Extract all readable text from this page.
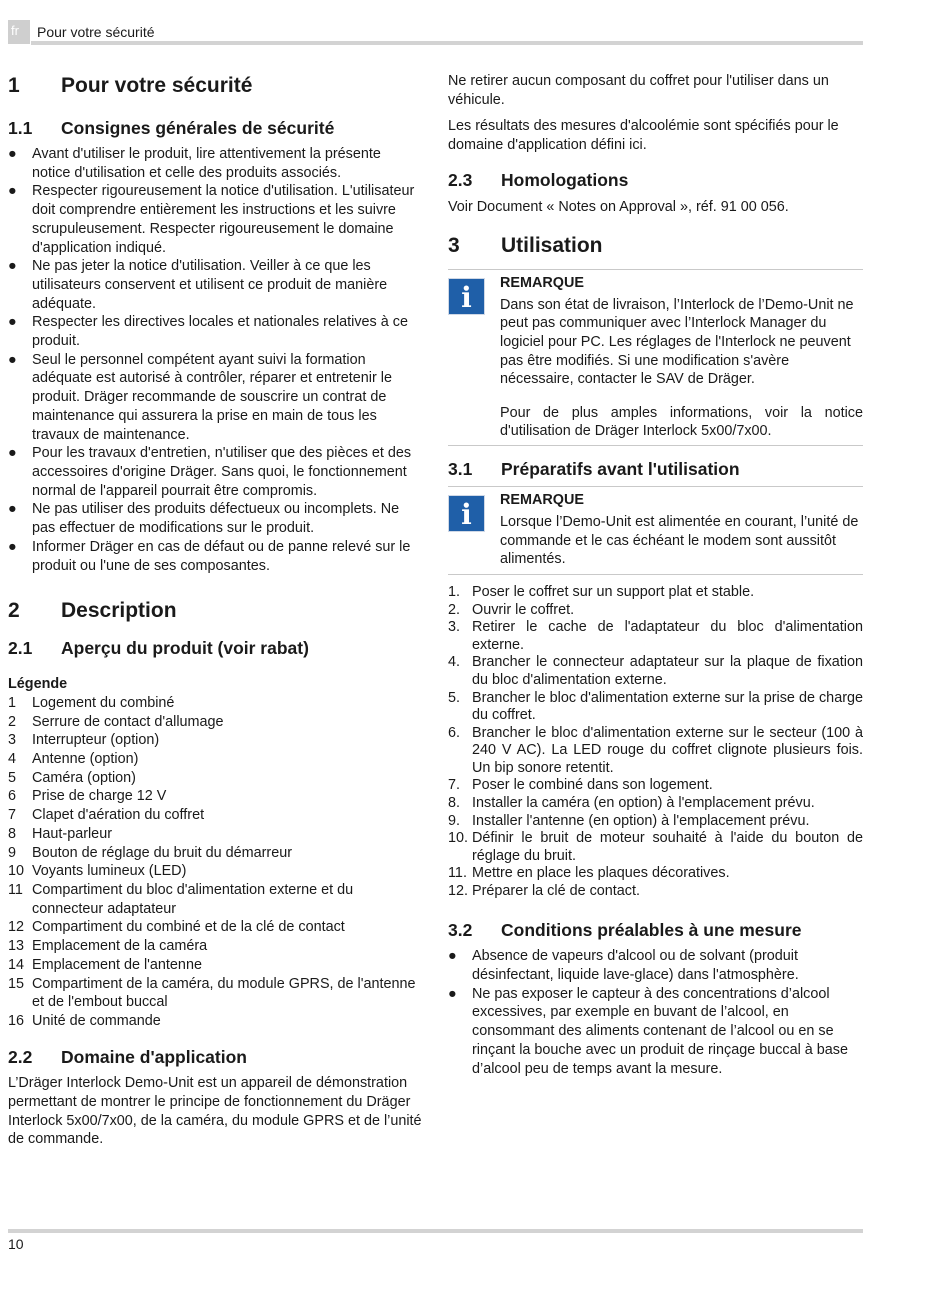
fr	Pour votre sécurité
1	Pour votre sécurité
1.1	Consignes générales de sécurité
●	Avant d'utiliser le produit, lire attentivement la présente notice d'utilisation et celle des produits associés.
●	Respecter rigoureusement la notice d'utilisation. L'utilisateur doit comprendre entièrement les instructions et les suivre scrupuleusement. Respecter rigoureusement le domaine d'application indiqué.
●	Ne pas jeter la notice d'utilisation. Veiller à ce que les utilisateurs conservent et utilisent ce produit de manière adéquate.
●	Respecter les directives locales et nationales relatives à ce produit.
●	Seul le personnel compétent ayant suivi la formation adéquate est autorisé à contrôler, réparer et entretenir le produit. Dräger recommande de souscrire un contrat de maintenance qui assurera la prise en main de tous les travaux de maintenance.
●	Pour les travaux d'entretien, n'utiliser que des pièces et des accessoires d'origine Dräger. Sans quoi, le fonctionnement normal de l'appareil pourrait être compromis.
●	Ne pas utiliser des produits défectueux ou incomplets. Ne pas effectuer de modifications sur le produit.
●	Informer Dräger en cas de défaut ou de panne relevé sur le produit ou l'une de ses composantes.
2	Description
2.1	Aperçu du produit (voir rabat)
Légende
1	Logement du combiné
2	Serrure de contact d'allumage
3	Interrupteur (option)
4	Antenne (option)
5	Caméra (option)
6	Prise de charge 12 V
7	Clapet d'aération du coffret
8	Haut-parleur
9	Bouton de réglage du bruit du démarreur
10 Voyants lumineux (LED)
11 Compartiment du bloc d'alimentation externe et du connecteur adaptateur
12 Compartiment du combiné et de la clé de contact
13 Emplacement de la caméra
14 Emplacement de l'antenne
15 Compartiment de la caméra, du module GPRS, de l'antenne et de l'embout buccal
16 Unité de commande
2.2	Domaine d'application

L’Dräger Interlock Demo-Unit est un appareil de démonstration permettant de montrer le principe de fonctionnement du Dräger Interlock 5x00/7x00, de la caméra, du module GPRS et de l’unité de commande.

Ne retirer aucun composant du coffret pour l'utiliser dans un véhicule.

Les résultats des mesures d'alcoolémie sont spécifiés pour le domaine d'application défini ici.

2.3	Homologations

Voir Document « Notes on Approval », réf. 91 00 056.

3	Utilisation
i	REMARQUE

Dans son état de livraison, l’Interlock de l’Demo-Unit ne peut pas communiquer avec l’Interlock Manager du logiciel pour PC. Les réglages de l'Interlock ne peuvent pas être modifiés. Si une modification s'avère nécessaire, contacter le SAV de Dräger.

Pour de plus amples informations, voir la notice d'utilisation de Dräger Interlock 5x00/7x00.

3.1	Préparatifs avant l'utilisation
i	REMARQUE

Lorsque l’Demo-Unit est alimentée en courant, l’unité de commande et le cas échéant le modem sont aussitôt alimentés.

1. Poser le coffret sur un support plat et stable.
2. Ouvrir le coffret.
3. Retirer le cache de l'adaptateur du bloc d'alimentation externe.
4. Brancher le connecteur adaptateur sur la plaque de fixation du bloc d'alimentation externe.
5. Brancher le bloc d'alimentation externe sur la prise de charge du coffret.
6. Brancher le bloc d'alimentation externe sur le secteur (100 à 240 V AC). La LED rouge du coffret clignote plusieurs fois. Un bip sonore retentit.
7. Poser le combiné dans son logement.
8. Installer la caméra (en option) à l'emplacement prévu.
9. Installer l'antenne (en option) à l'emplacement prévu.
10. Définir le bruit de moteur souhaité à l'aide du bouton de réglage du bruit.
11. Mettre en place les plaques décoratives.
12. Préparer la clé de contact.
3.2	Conditions préalables à une mesure
●	Absence de vapeurs d'alcool ou de solvant (produit désinfectant, liquide lave-glace) dans l'atmosphère.
●	Ne pas exposer le capteur à des concentrations d’alcool excessives, par exemple en buvant de l’alcool, en consommant des aliments contenant de l’alcool ou en se rinçant la bouche avec un produit de rinçage buccal à base d’alcool peu de temps avant la mesure.
10
